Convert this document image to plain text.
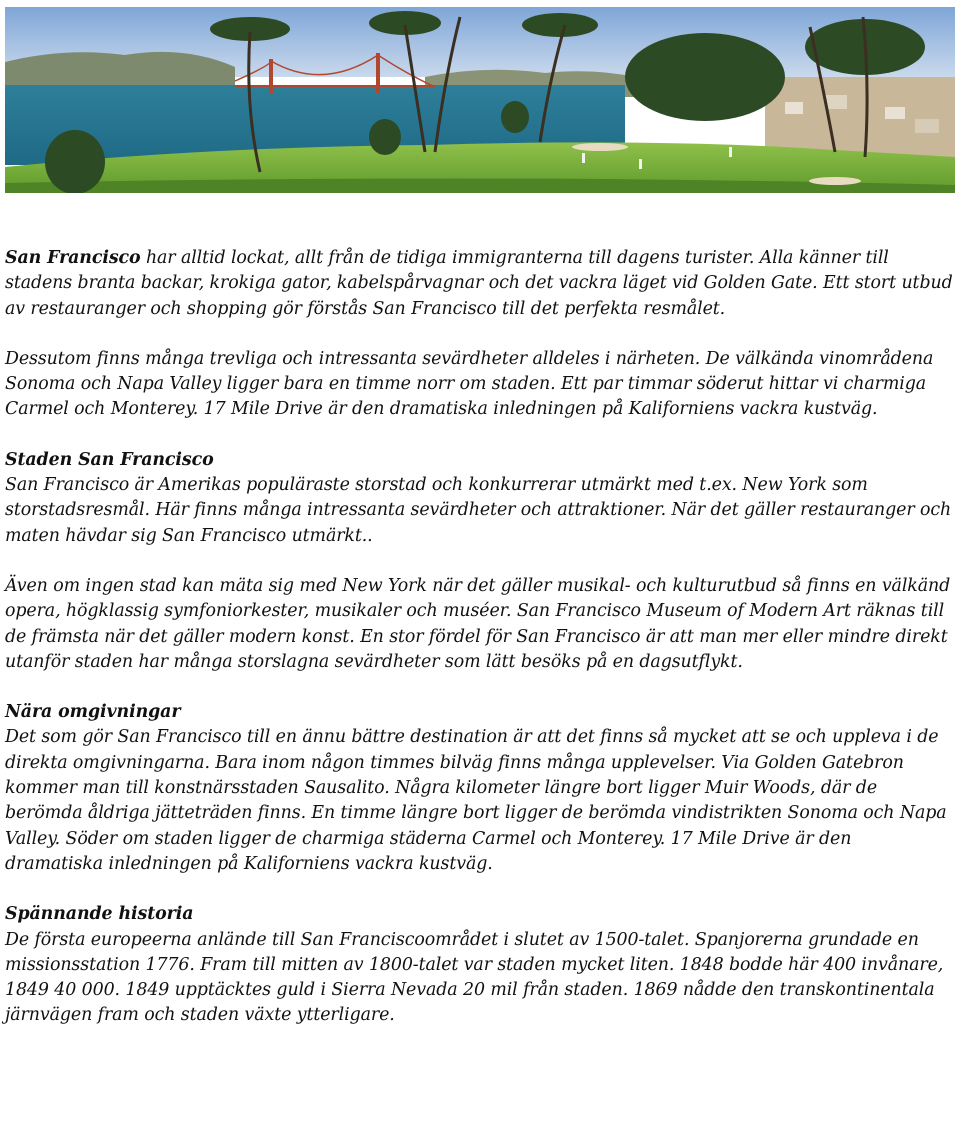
San Francisco har alltid lockat, allt från de tidiga immigranterna till dagens turister. Alla känner till stadens branta backar, krokiga gator, kabelspårvagnar och det vackra läget vid Golden Gate. Ett stort utbud av restauranger och shopping gör förstås San Francisco till det perfekta resmålet.

Dessutom finns många trevliga och intressanta sevärdheter alldeles i närheten. De välkända vinområdena Sonoma och Napa Valley ligger bara en timme norr om staden. Ett par timmar söderut hittar vi charmiga Carmel och Monterey. 17 Mile Drive är den dramatiska inledningen på Kaliforniens vackra kustväg.

Staden San Francisco

San Francisco är Amerikas populäraste storstad och konkurrerar utmärkt med t.ex. New York som storstadsresmål. Här finns många intressanta sevärdheter och attraktioner. När det gäller restauranger och maten hävdar sig San Francisco utmärkt..

Även om ingen stad kan mäta sig med New York när det gäller musikal- och kulturutbud så finns en välkänd opera, högklassig symfoniorkester, musikaler och muséer. San Francisco Museum of Modern Art räknas till de främsta när det gäller modern konst. En stor fördel för San Francisco är att man mer eller mindre direkt utanför staden har många storslagna sevärdheter som lätt besöks på en dagsutflykt.

Nära omgivningar

Det som gör San Francisco till en ännu bättre destination är att det finns så mycket att se och uppleva i de direkta omgivningarna. Bara inom någon timmes bilväg finns många upplevelser. Via Golden Gatebron kommer man till konstnärsstaden Sausalito. Några kilometer längre bort ligger Muir Woods, där de berömda åldriga jätteträden finns. En timme längre bort ligger de berömda vindistrikten Sonoma och Napa Valley. Söder om staden ligger de charmiga städerna Carmel och Monterey. 17 Mile Drive är den dramatiska inledningen på Kaliforniens vackra kustväg.

Spännande historia

De första europeerna anlände till San Franciscoområdet i slutet av 1500-talet. Spanjorerna grundade en missionsstation 1776. Fram till mitten av 1800-talet var staden mycket liten. 1848 bodde här 400 invånare, 1849 40 000. 1849 upptäcktes guld i Sierra Nevada 20 mil från staden. 1869 nådde den transkontinentala järnvägen fram och staden växte ytterligare.
